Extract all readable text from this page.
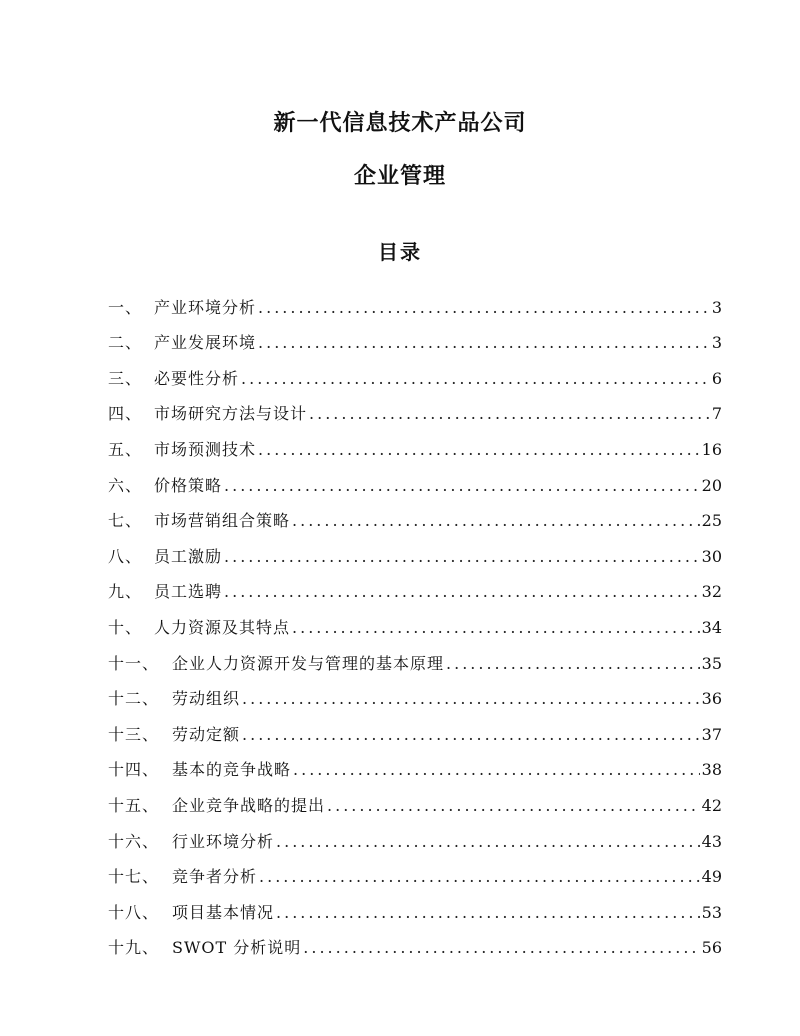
新一代信息技术产品公司
企业管理
目录
一、 产业环境分析 .....	3
二、 产业发展环境 .....	3
三、 必要性分析 .....	6
四、 市场研究方法与设计 .....	7
五、 市场预测技术 .....	16
六、 价格策略 .....	20
七、 市场营销组合策略 .....	25
八、 员工激励 .....	30
九、 员工选聘 .....	32
十、 人力资源及其特点 .....	34
十一、 企业人力资源开发与管理的基本原理 .....	35
十二、 劳动组织 .....	36
十三、 劳动定额 .....	37
十四、 基本的竞争战略 .....	38
十五、 企业竞争战略的提出 .....	42
十六、 行业环境分析 .....	43
十七、 竞争者分析 .....	49
十八、 项目基本情况 .....	53
十九、 SWOT 分析说明 .....	56
